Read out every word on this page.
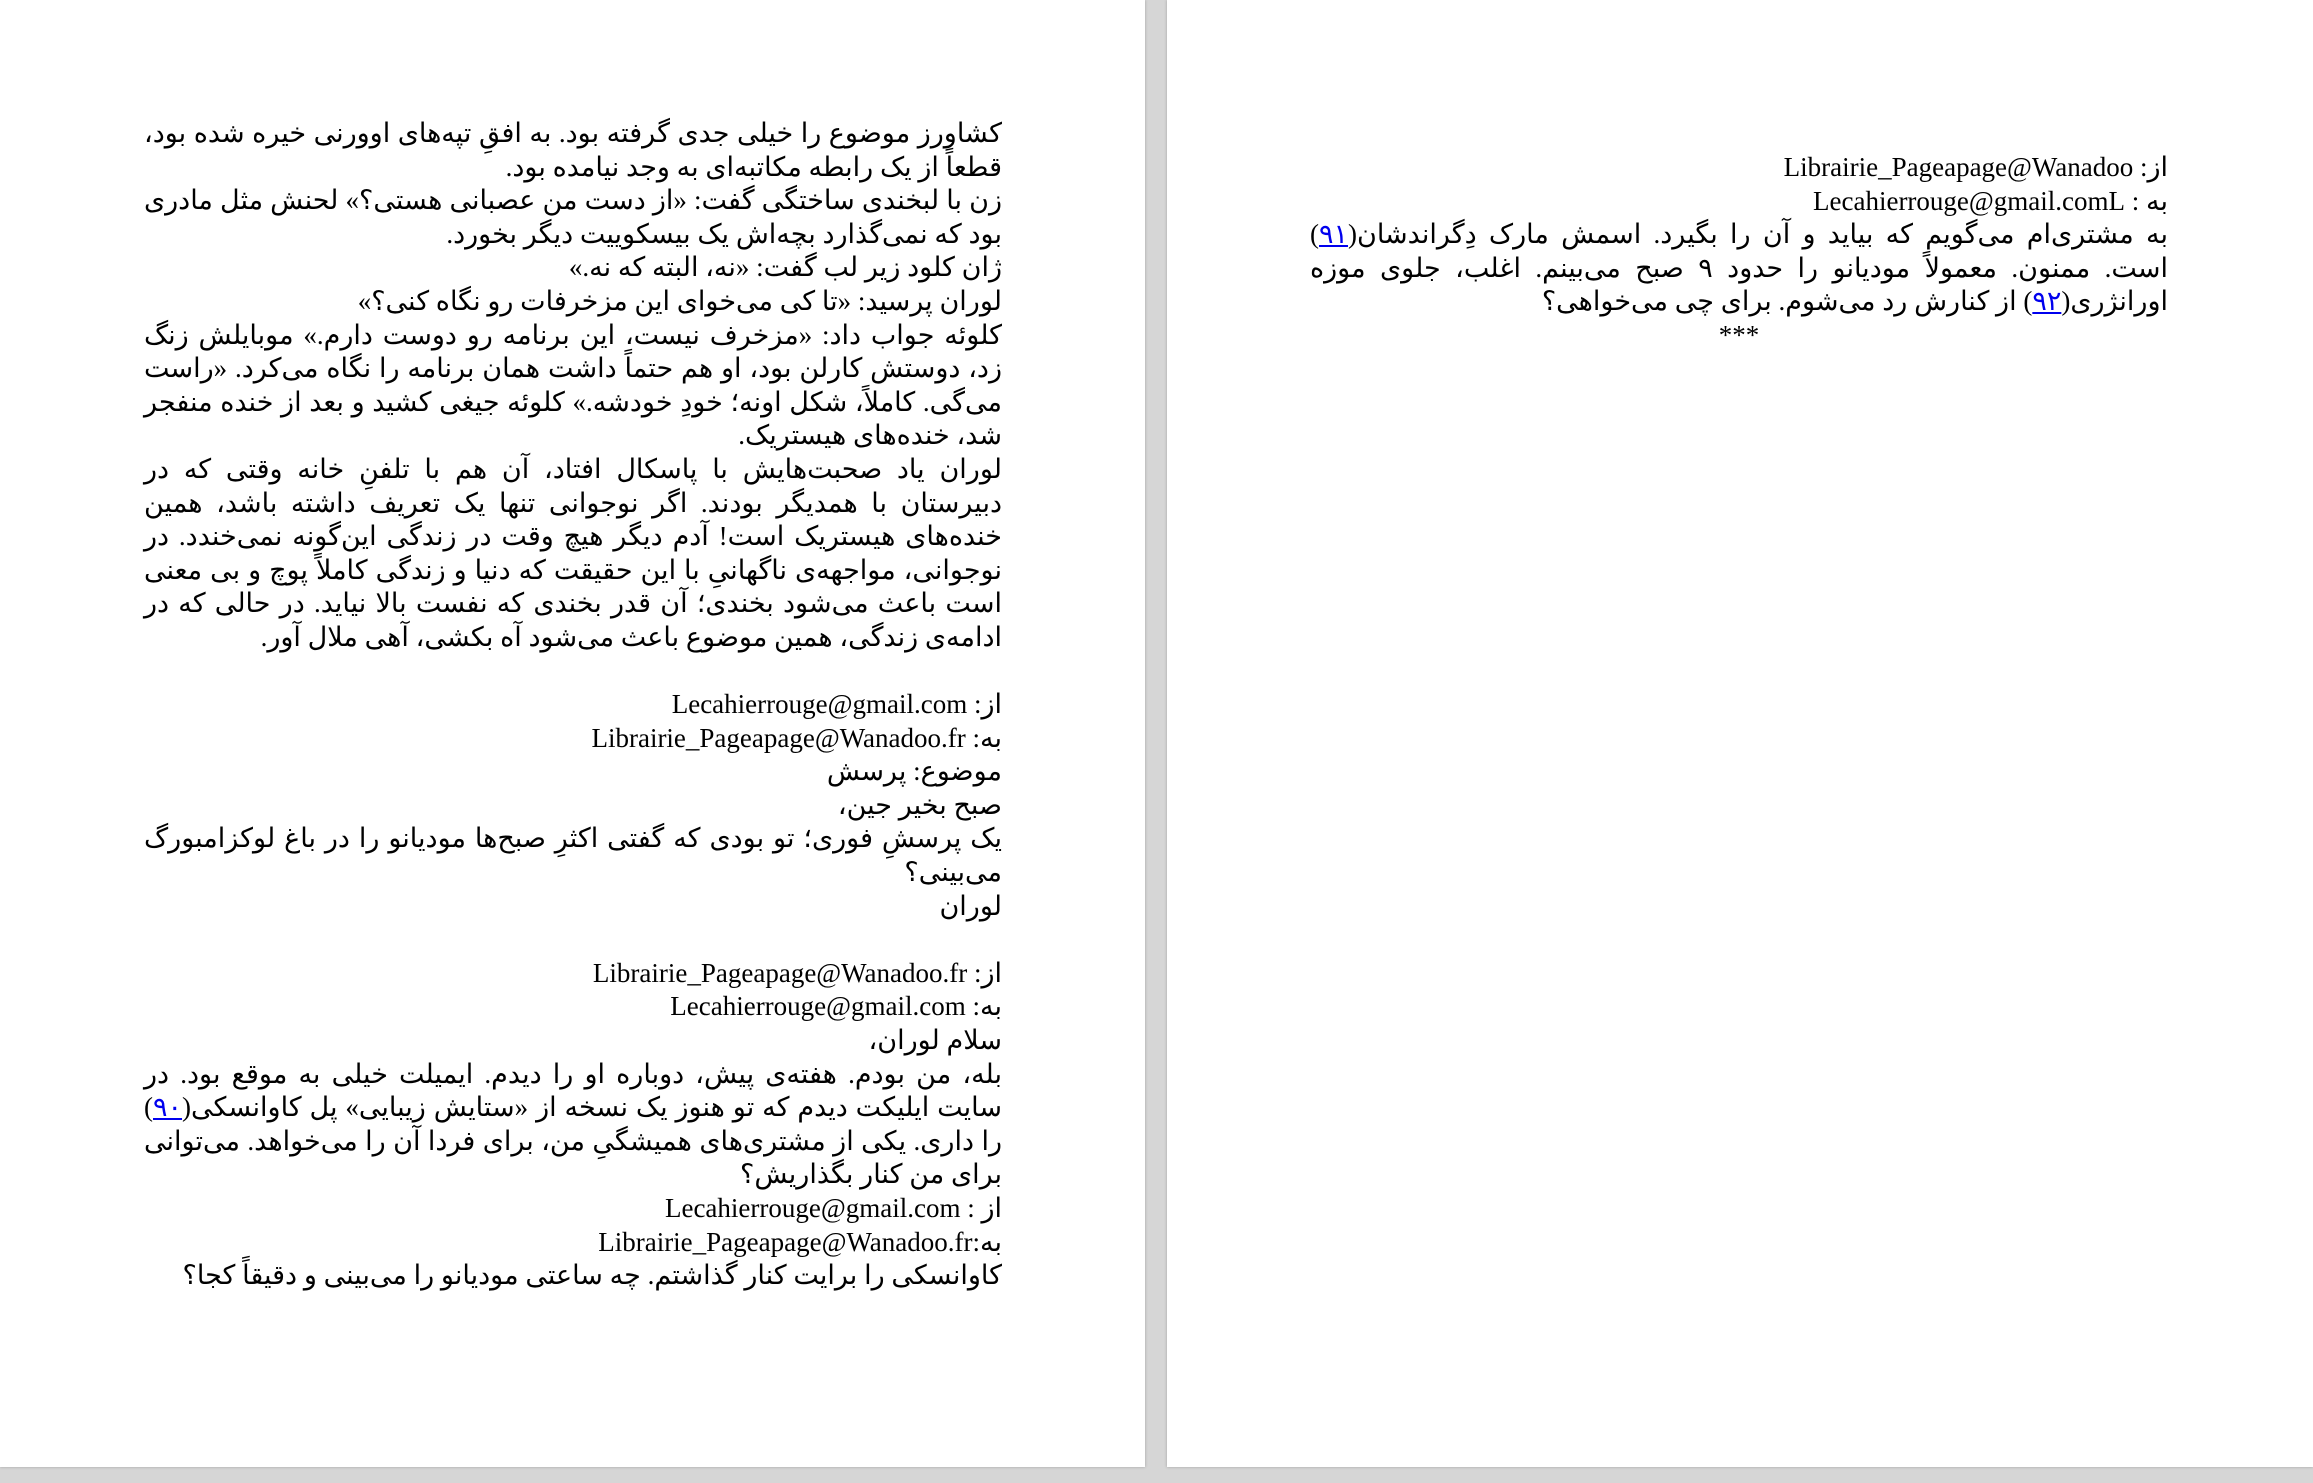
کشاورز موضوع را خیلی جدی گرفته بود. به افقِ تپه‌های اوورنی خیره شده بود، قطعاً از یک رابطه مکاتبه‌ای به وجد نیامده بود.

زن با لبخندی ساختگی گفت: «از دست من عصبانی هستی؟» لحنش مثل مادری بود که نمی‌گذارد بچه‌اش یک بیسکوییت دیگر بخورد.

ژان کلود زیر لب گفت: «نه، البته که نه.»

لوران پرسید: «تا کی می‌خوای این مزخرفات رو نگاه کنی؟»

کلوئه جواب داد: «مزخرف نیست، این برنامه رو دوست دارم.» موبایلش زنگ زد، دوستش کارلن بود، او هم حتماً داشت همان برنامه را نگاه می‌کرد. «راست می‌گی. کاملاً، شکل اونه؛ خودِ خودشه.» کلوئه جیغی کشید و بعد از خنده منفجر شد، خنده‌های هیستریک.

لوران یاد صحبت‌هایش با پاسکال افتاد، آن هم با تلفنِ خانه وقتی که در دبیرستان با همدیگر بودند. اگر نوجوانی تنها یک تعریف داشته باشد، همین خنده‌های هیستریک است! آدم دیگر هیچ وقت در زندگی این‌گونه نمی‌خندد. در نوجوانی، مواجهه‌ی ناگهانیِ با این حقیقت که دنیا و زندگی کاملاً پوچ و بی معنی است باعث می‌شود بخندی؛ آن قدر بخندی که نفست بالا نیاید. در حالی که در ادامه‌ی زندگی، همین موضوع باعث می‌شود آه بکشی، آهی ملال آور.

از: Lecahierrouge@gmail.com

به: Librairie_Pageapage@Wanadoo.fr

موضوع: پرسش

صبح بخیر جین،

یک پرسشِ فوری؛ تو بودی که گفتی اکثرِ صبح‌ها مودیانو را در باغ لوکزامبورگ می‌بینی؟

لوران

از: Librairie_Pageapage@Wanadoo.fr

به: Lecahierrouge@gmail.com

سلام لوران،

بله، من بودم. هفته‌ی پیش، دوباره او را دیدم. ایمیلت خیلی به موقع بود. در سایت ایلیکت دیدم که تو هنوز یک نسخه از «ستایش زیبایی» پل کاوانسکی(۹۰) را داری. یکی از مشتری‌های همیشگیِ من، برای فردا آن را می‌خواهد. می‌توانی برای من کنار بگذاریش؟

از : Lecahierrouge@gmail.com

به:Librairie_Pageapage@Wanadoo.fr

کاوانسکی را برایت کنار گذاشتم. چه ساعتی مودیانو را می‌بینی و دقیقاً کجا؟

از: Librairie_Pageapage@Wanadoo

به : Lecahierrouge@gmail.comL

به مشتری‌ام می‌گویم که بیاید و آن را بگیرد. اسمش مارک دِگراندشان(۹۱) است. ممنون. معمولاً مودیانو را حدود ۹ صبح می‌بینم. اغلب، جلوی موزه اورانژری(۹۲) از کنارش رد می‌شوم. برای چی می‌خواهی؟

***
